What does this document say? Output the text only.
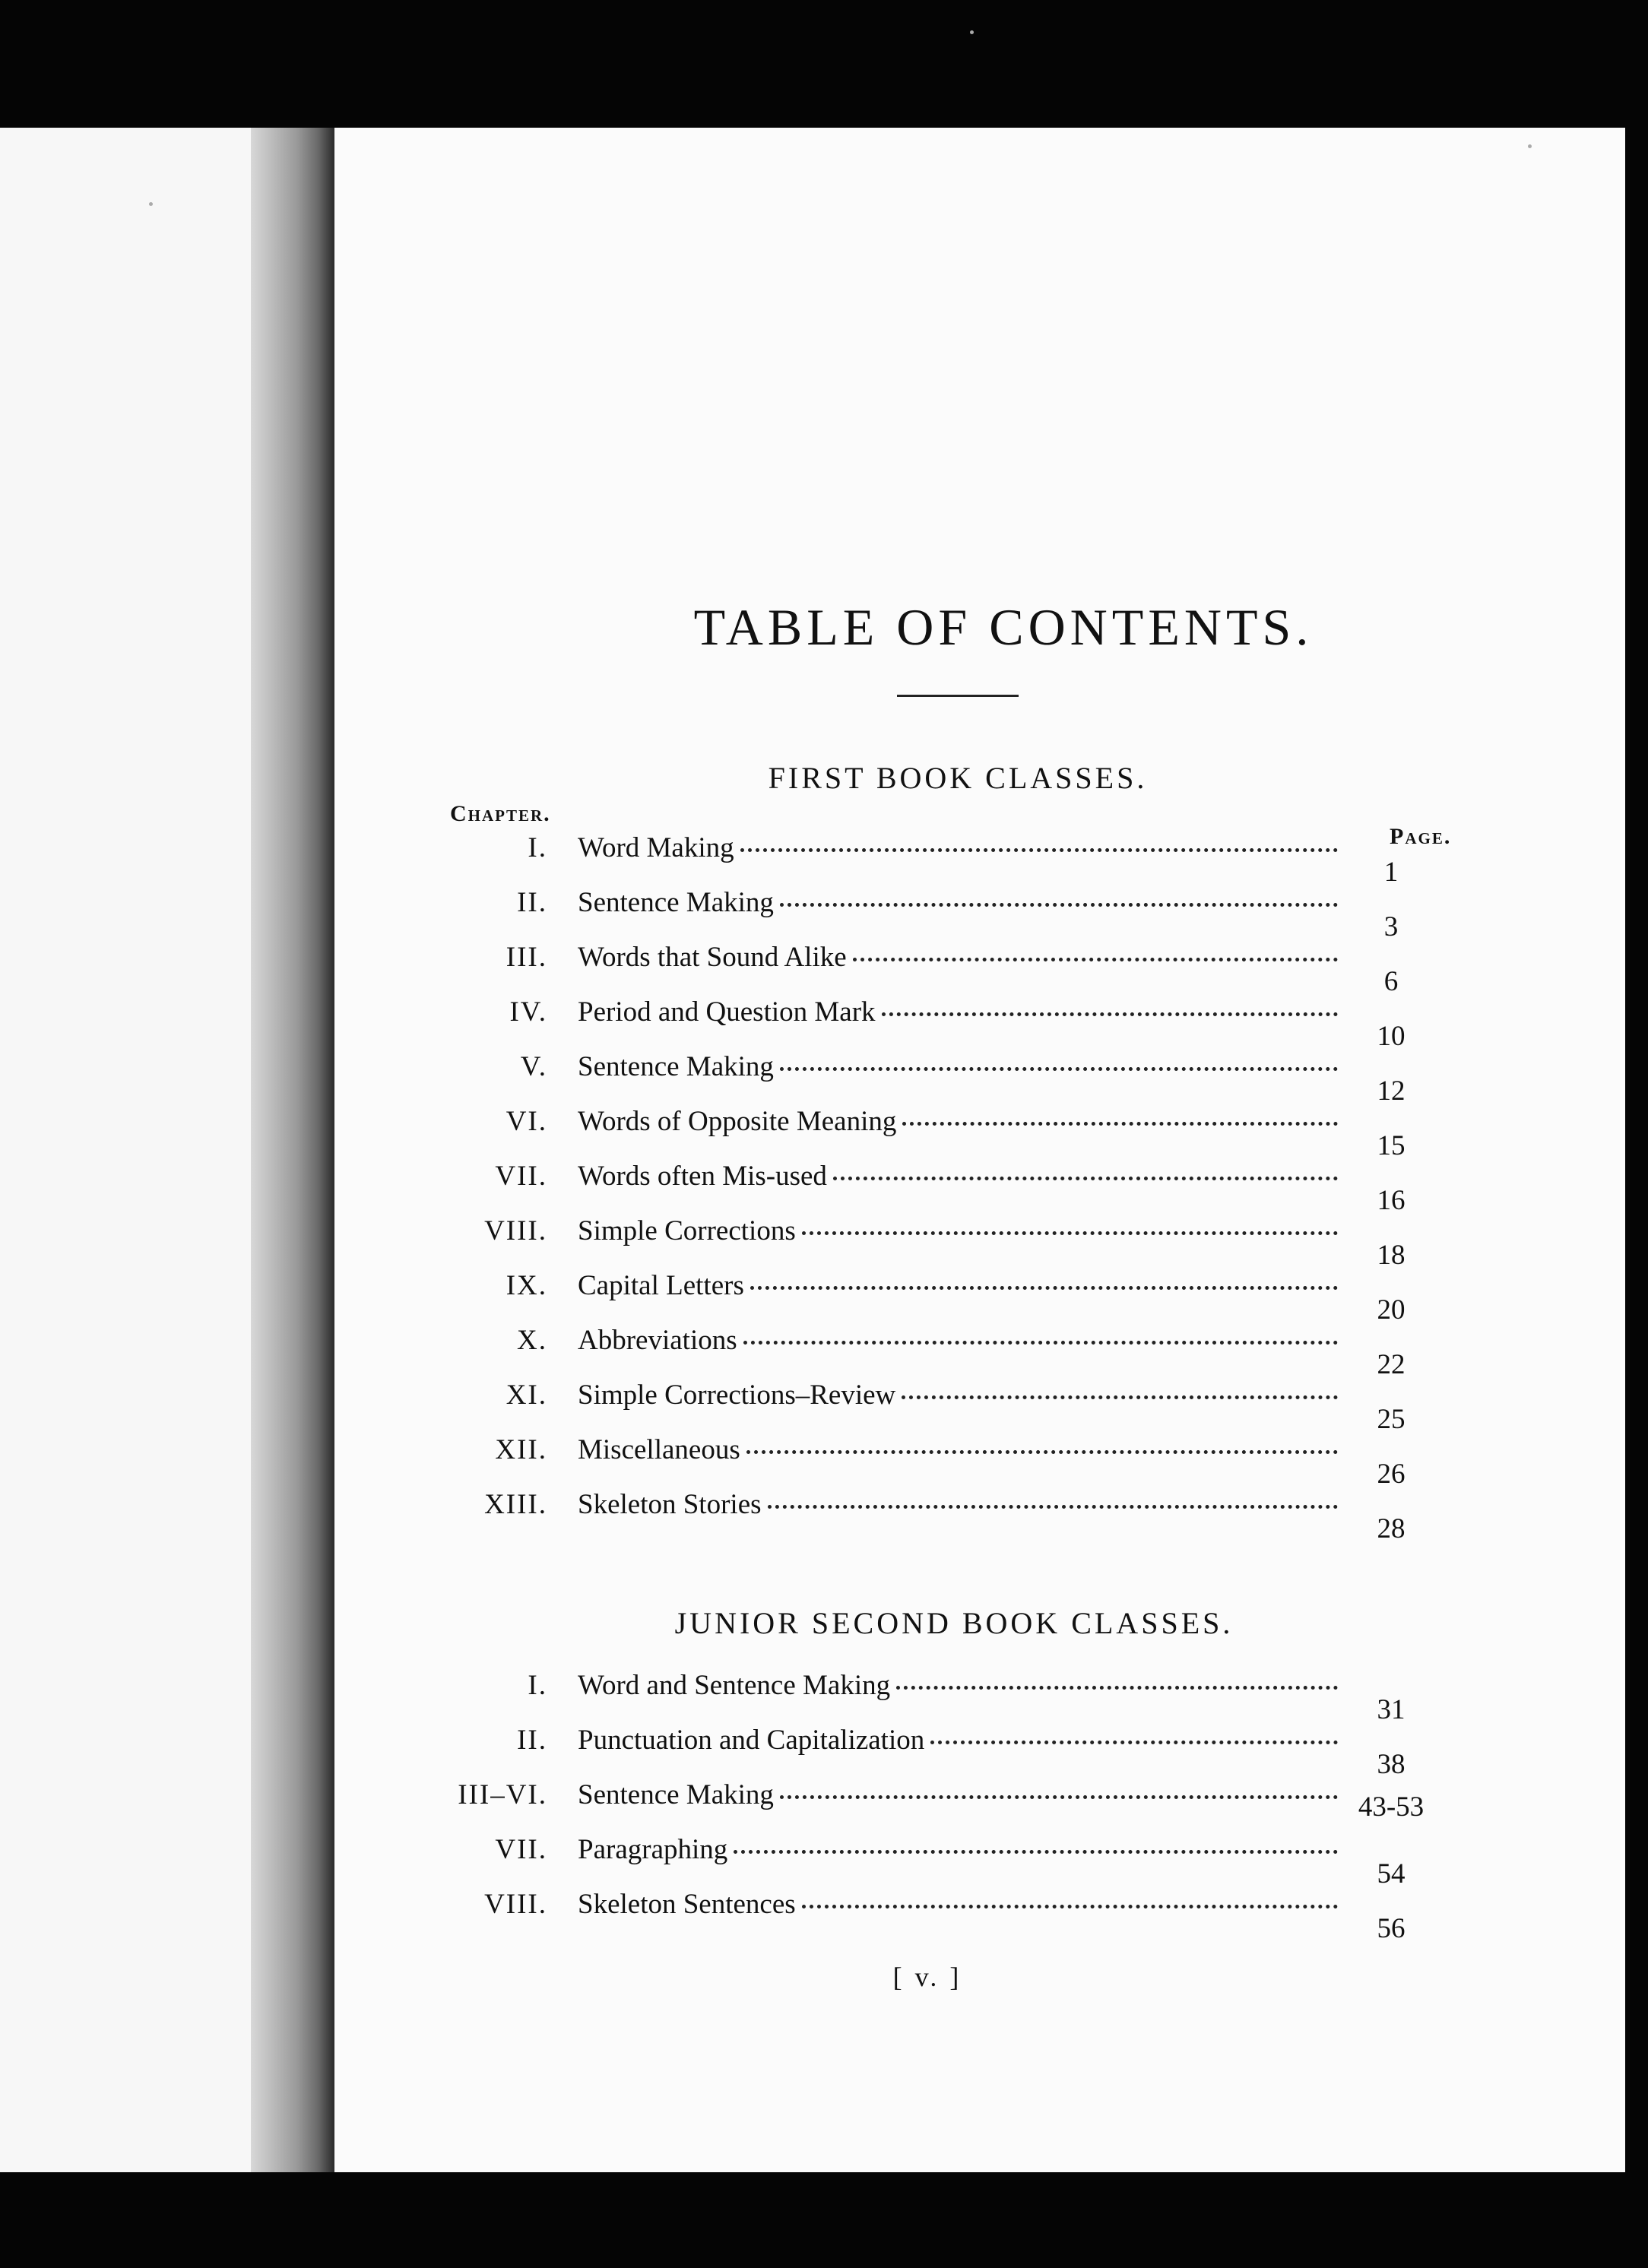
TABLE OF CONTENTS.
FIRST BOOK CLASSES.
Chapter.
Page.
I. Word Making
1
II. Sentence Making
3
III. Words that Sound Alike
6
IV. Period and Question Mark
10
V. Sentence Making
12
VI. Words of Opposite Meaning
15
VII. Words often Mis-used
16
VIII. Simple Corrections
18
IX. Capital Letters
20
X. Abbreviations
22
XI. Simple Corrections–Review
25
XII. Miscellaneous
26
XIII. Skeleton Stories
28
JUNIOR SECOND BOOK CLASSES.
I. Word and Sentence Making
31
II. Punctuation and Capitalization
38
III–VI. Sentence Making	43-53
VII. Paragraphing
54
VIII. Skeleton Sentences
56
[ v. ]
